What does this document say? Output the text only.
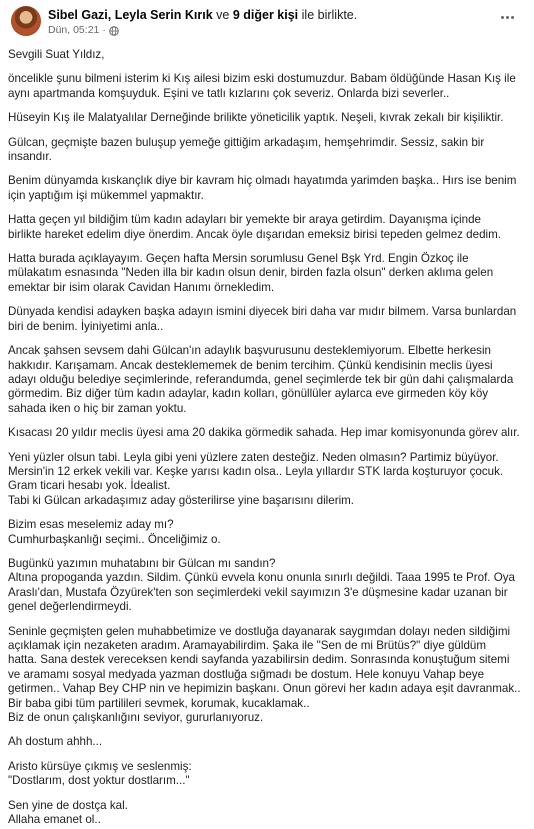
Sibel Gazi, Leyla Serin Kırık ve 9 diğer kişi ile birlikte.
Dün, 05:21 ·

Sevgili Suat Yıldız,

öncelikle şunu bilmeni isterim ki Kış ailesi bizim eski dostumuzdur. Babam öldüğünde Hasan Kış ile
aynı apartmanda komşuyduk. Eşini ve tatlı kızlarını çok severiz. Onlarda bizi severler..

Hüseyin Kış ile Malatyalılar Derneğinde brilikte yöneticilik yaptık. Neşeli, kıvrak zekalı bir kişiliktir.

Gülcan, geçmişte bazen buluşup yemeğe gittiğim arkadaşım, hemşehrimdir. Sessiz, sakin bir
insandır.

Benim dünyamda kıskançlık diye bir kavram hiç olmadı hayatımda yarimden başka.. Hırs ise benim
için yaptığım işi mükemmel yapmaktır.

Hatta geçen yıl bildiğim tüm kadın adayları bir yemekte bir araya getirdim. Dayanışma içinde
birlikte hareket edelim diye önerdim. Ancak öyle dışarıdan emeksiz birisi tepeden gelmez dedim.

Hatta burada açıklayayım. Geçen hafta Mersin sorumlusu Genel Bşk Yrd. Engin Özkoç ile
mülakatım esnasında "Neden illa bir kadın olsun denir, birden fazla olsun" derken aklıma gelen
emektar bir isim olarak Cavidan Hanımı örnekledim.

Dünyada kendisi adayken başka adayın ismini diyecek biri daha var mıdır bilmem. Varsa bunlardan
biri de benim. İyiniyetimi anla..

Ancak şahsen sevsem dahi Gülcan'ın adaylık başvurusunu desteklemiyorum. Elbette herkesin
hakkıdır. Karışamam. Ancak desteklememek de benim tercihim. Çünkü kendisinin meclis üyesi
adayı olduğu belediye seçimlerinde, referandumda, genel seçimlerde tek bir gün dahi çalışmalarda
görmedim. Biz diğer tüm kadın adaylar, kadın kolları, gönüllüler aylarca eve girmeden köy köy
sahada iken o hiç bir zaman yoktu.

Kısacası 20 yıldır meclis üyesi ama 20 dakika görmedik sahada. Hep imar komisyonunda görev alır.

Yeni yüzler olsun tabi. Leyla gibi yeni yüzlere zaten desteğiz. Neden olmasın? Partimiz büyüyor.
Mersin'in 12 erkek vekili var. Keşke yarısı kadın olsa.. Leyla yıllardır STK larda koşturuyor çocuk.
Gram ticari hesabı yok. İdealist.
Tabi ki Gülcan arkadaşımız aday gösterilirse yine başarısını dilerim.

Bizim esas meselemiz aday mı?
Cumhurbaşkanlığı seçimi.. Önceliğimiz o.

Bugünkü yazımın muhatabını bir Gülcan mı sandın?
Altına propoganda yazdın. Sildim. Çünkü evvela konu onunla sınırlı değildi. Taaa 1995 te Prof. Oya
Araslı'dan, Mustafa Özyürek'ten son seçimlerdeki vekil sayımızın 3'e düşmesine kadar uzanan bir
genel değerlendirmeydi.

Seninle geçmişten gelen muhabbetimize ve dostluğa dayanarak saygımdan dolayı neden sildiğimi
açıklamak için nezaketen aradım. Aramayabilirdim. Şaka ile "Sen de mi Brütüs?" diye güldüm
hatta. Sana destek vereceksen kendi sayfanda yazabilirsin dedim. Sonrasında konuştuğum sitemi
ve aramamı sosyal medyada yazman dostluğa sığmadı be dostum. Hele konuyu Vahap beye
getirmen.. Vahap Bey CHP nin ve hepimizin başkanı. Onun görevi her kadın adaya eşit davranmak..
Bir baba gibi tüm partilileri sevmek, korumak, kucaklamak..
Biz de onun çalışkanlığını seviyor, gururlanıyoruz.

Ah dostum ahhh...

Aristo kürsüye çıkmış ve seslenmiş:
"Dostlarım, dost yoktur dostlarım..."

Sen yine de dostça kal.
Allaha emanet ol..
